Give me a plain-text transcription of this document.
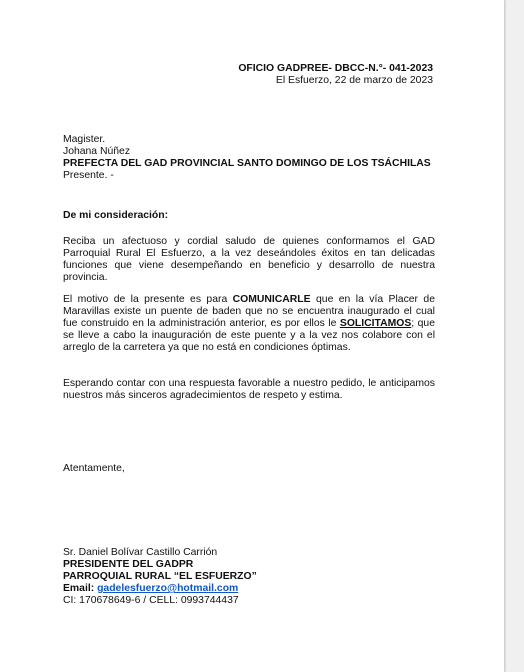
OFICIO GADPREE- DBCC-N.°- 041-2023
El Esfuerzo, 22 de marzo de 2023
Magister.
Johana Núñez
PREFECTA DEL GAD PROVINCIAL SANTO DOMINGO DE LOS TSÁCHILAS
Presente. -
De mi consideración:
Reciba un afectuoso y cordial saludo de quienes conformamos el GAD Parroquial Rural El Esfuerzo, a la vez deseándoles éxitos en tan delicadas funciones que viene desempeñando en beneficio y desarrollo de nuestra provincia.
El motivo de la presente es para COMUNICARLE que en la vía Placer de Maravillas existe un puente de baden que no se encuentra inaugurado el cual fue construido en la administración anterior, es por ellos le SOLICITAMOS; que se lleve a cabo la inauguración de este puente y a la vez nos colabore con el arreglo de la carretera ya que no está en condiciones óptimas.
Esperando contar con una respuesta favorable a nuestro pedido, le anticipamos nuestros más sinceros agradecimientos de respeto y estima.
Atentamente,
Sr. Daniel Bolívar Castillo Carrión
PRESIDENTE DEL GADPR
PARROQUIAL RURAL “EL ESFUERZO”
Email: gadelesfuerzo@hotmail.com
CI: 170678649-6 / CELL: 0993744437
